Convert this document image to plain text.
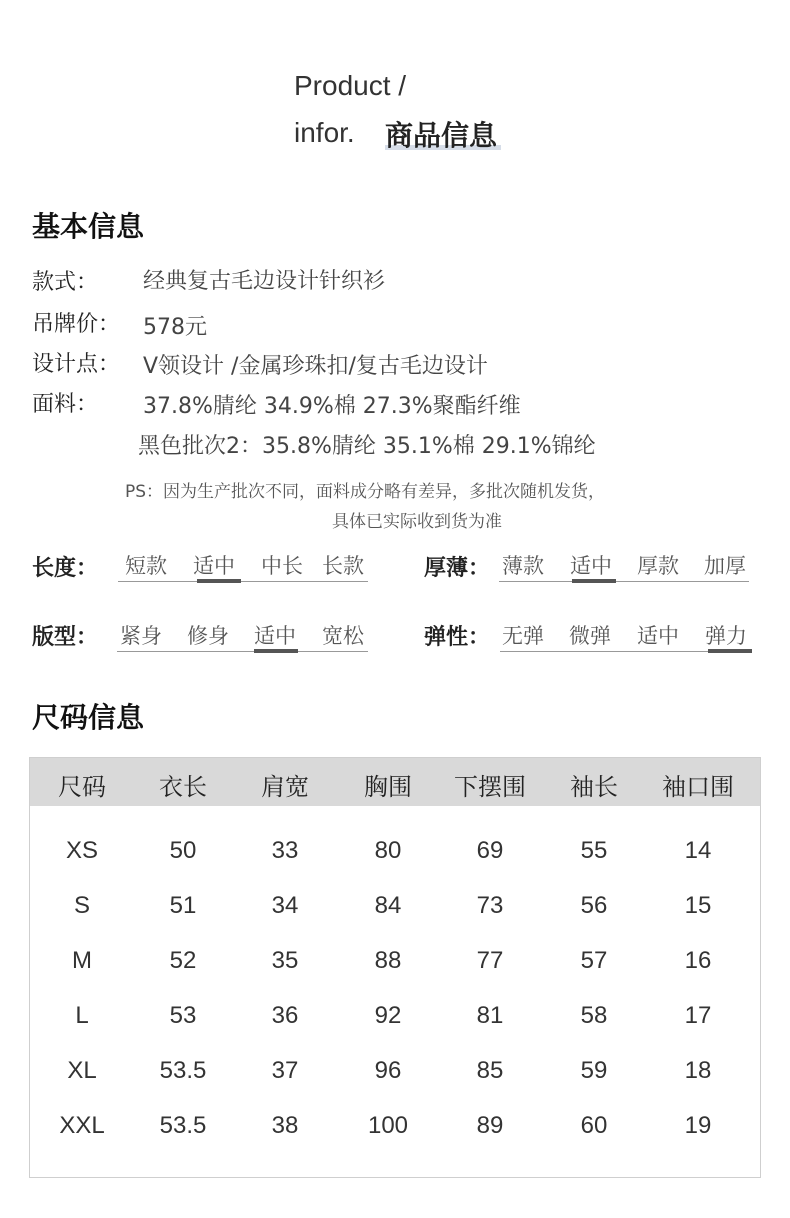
Product /
infor. 商品信息
基本信息
款式： 经典复古毛边设计针织衫
吊牌价： 578元
设计点： V领设计 /金属珍珠扣/复古毛边设计
面料： 37.8%腈纶 34.9%棉 27.3%聚酯纤维
黑色批次2：35.8%腈纶 35.1%棉 29.1%锦纶
PS：因为生产批次不同，面料成分略有差异，多批次随机发货，
具体已实际收到货为准
长度： 短款 适中 中长 长款	厚薄： 薄款 适中 厚款 加厚
版型： 紧身 修身 适中 宽松	弹性： 无弹 微弹 适中 弹力
尺码信息
尺码	衣长	肩宽	胸围	下摆围	袖长	袖口围
XS	50	33	80	69	55	14
S	51	34	84	73	56	15
M	52	35	88	77	57	16
L	53	36	92	81	58	17
XL	53.5	37	96	85	59	18
XXL	53.5	38	100	89	60	19
